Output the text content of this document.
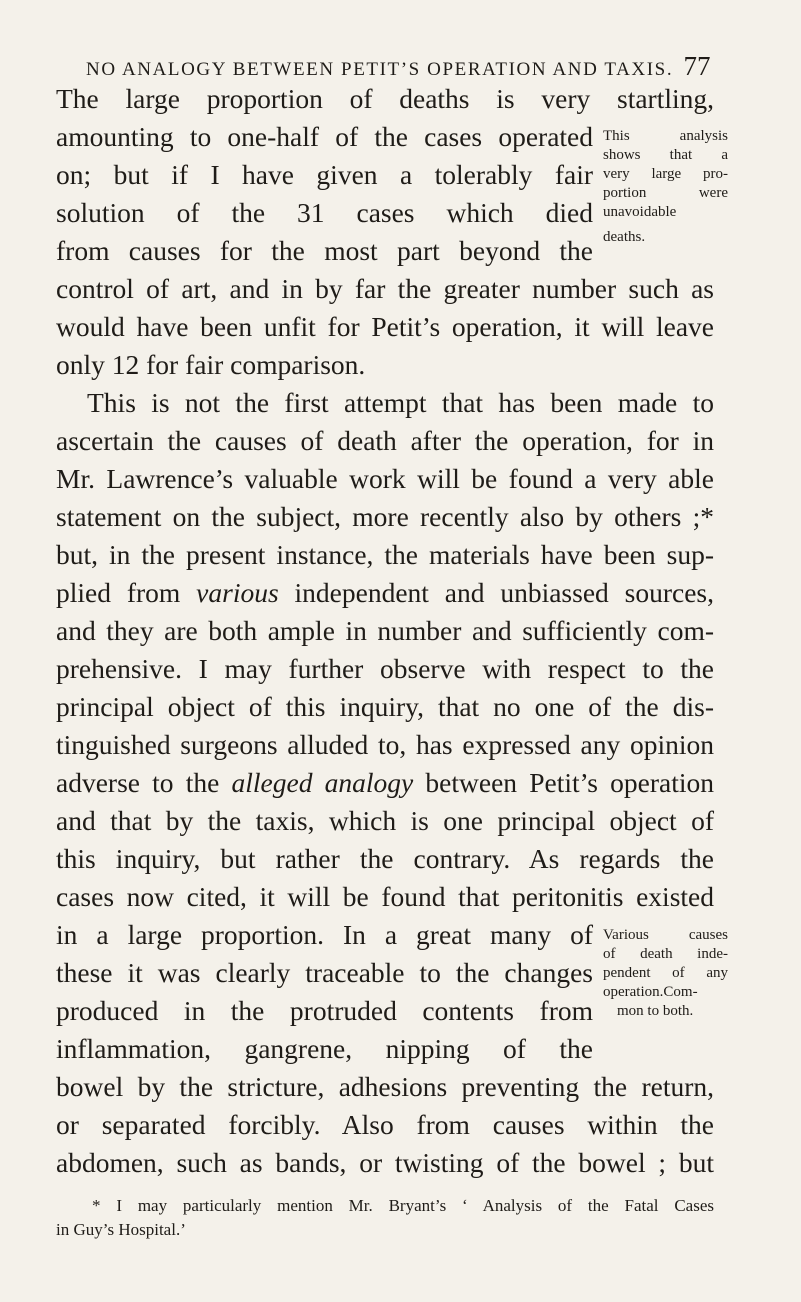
NO ANALOGY BETWEEN PETIT’S OPERATION AND TAXIS. 77
The large proportion of deaths is very startling,
amounting to one-half of the cases operated
on; but if I have given a tolerably fair
solution of the 31 cases which died
from causes for the most part beyond the
control of art, and in by far the greater number such as
would have been unfit for Petit’s operation, it will leave
only 12 for fair comparison.
This is not the first attempt that has been made to
ascertain the causes of death after the operation, for in
Mr. Lawrence’s valuable work will be found a very able
statement on the subject, more recently also by others ;*
but, in the present instance, the materials have been sup-
plied from various independent and unbiassed sources,
and they are both ample in number and sufficiently com-
prehensive. I may further observe with respect to the
principal object of this inquiry, that no one of the dis-
tinguished surgeons alluded to, has expressed any opinion
adverse to the alleged analogy between Petit’s operation
and that by the taxis, which is one principal object of
this inquiry, but rather the contrary. As regards the
cases now cited, it will be found that peritonitis existed
in a large proportion. In a great many of
these it was clearly traceable to the changes
produced in the protruded contents from
inflammation, gangrene, nipping of the
bowel by the stricture, adhesions preventing the return,
or separated forcibly. Also from causes within the
abdomen, such as bands, or twisting of the bowel ; but
This analysis
shows that a
very large pro-
portion were
unavoidable
deaths.
Various causes
of death inde-
pendent of any
operation.Com-
mon to both.
* I may particularly mention Mr. Bryant’s ‘ Analysis of the Fatal Cases
in Guy’s Hospital.’
